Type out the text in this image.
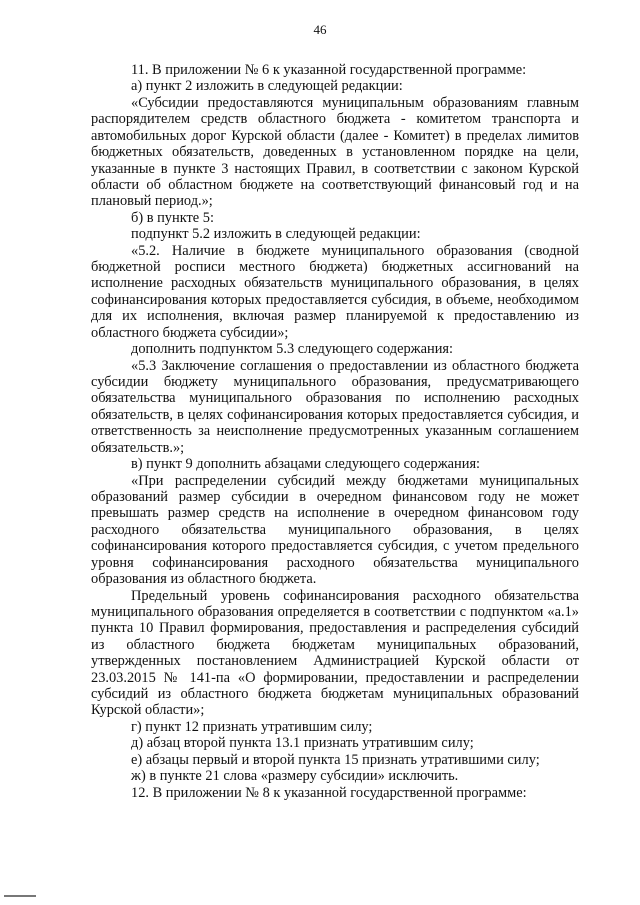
46

11. В приложении № 6 к указанной государственной программе:

а) пункт 2 изложить в следующей редакции:

«Субсидии предоставляются муниципальным образованиям главным распорядителем средств областного бюджета - комитетом транспорта и автомобильных дорог Курской области (далее - Комитет) в пределах лимитов бюджетных обязательств, доведенных в установленном порядке на цели, указанные в пункте 3 настоящих Правил, в соответствии с законом Курской области об областном бюджете на соответствующий финансовый год и на плановый период.»;

б) в пункте 5:

подпункт 5.2 изложить в следующей редакции:

«5.2. Наличие в бюджете муниципального образования (сводной бюджетной росписи местного бюджета) бюджетных ассигнований на исполнение расходных обязательств муниципального образования, в целях софинансирования которых предоставляется субсидия, в объеме, необходимом для их исполнения, включая размер планируемой к предоставлению из областного бюджета субсидии»;

дополнить подпунктом 5.3 следующего содержания:

«5.3 Заключение соглашения о предоставлении из областного бюджета субсидии бюджету муниципального образования, предусматривающего обязательства муниципального образования по исполнению расходных обязательств, в целях софинансирования которых предоставляется субсидия, и ответственность за неисполнение предусмотренных указанным соглашением обязательств.»;

в) пункт 9 дополнить абзацами следующего содержания:

«При распределении субсидий между бюджетами муниципальных образований размер субсидии в очередном финансовом году не может превышать размер средств на исполнение в очередном финансовом году расходного обязательства муниципального образования, в целях софинансирования которого предоставляется субсидия, с учетом предельного уровня софинансирования расходного обязательства муниципального образования из областного бюджета.

Предельный уровень софинансирования расходного обязательства муниципального образования определяется в соответствии с подпунктом «а.1» пункта 10 Правил формирования, предоставления и распределения субсидий из областного бюджета бюджетам муниципальных образований, утвержденных постановлением Администрацией Курской области от 23.03.2015 № 141-па «О формировании, предоставлении и распределении субсидий из областного бюджета бюджетам муниципальных образований Курской области»;

г) пункт 12 признать утратившим силу;

д) абзац второй пункта 13.1 признать утратившим силу;

е) абзацы первый и второй пункта 15 признать утратившими силу;

ж) в пункте 21 слова «размеру субсидии» исключить.

12. В приложении № 8 к указанной государственной программе:
